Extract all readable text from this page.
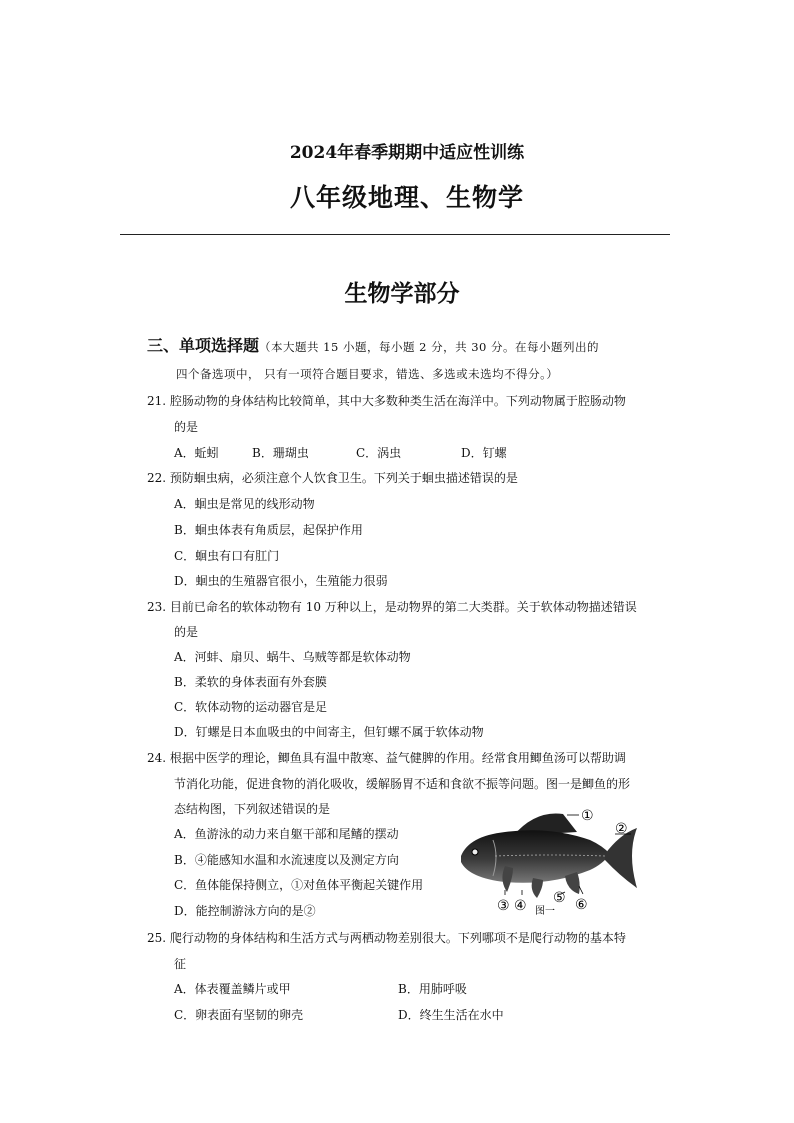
2024年春季期期中适应性训练
八年级地理、生物学
生物学部分
三、单项选择题（本大题共 15 小题，每小题 2 分，共 30 分。在每小题列出的
四个备选项中， 只有一项符合题目要求，错选、多选或未选均不得分。）
21. 腔肠动物的身体结构比较简单，其中大多数种类生活在海洋中。下列动物属于腔肠动物
的是
A．蚯蚓	B．珊瑚虫	C．涡虫	D．钉螺
22. 预防蛔虫病，必须注意个人饮食卫生。下列关于蛔虫描述错误的是
A．蛔虫是常见的线形动物
B．蛔虫体表有角质层，起保护作用
C．蛔虫有口有肛门
D．蛔虫的生殖器官很小，生殖能力很弱
23. 目前已命名的软体动物有 10 万种以上，是动物界的第二大类群。关于软体动物描述错误
的是
A．河蚌、扇贝、蜗牛、乌贼等都是软体动物
B．柔软的身体表面有外套膜
C．软体动物的运动器官是足
D．钉螺是日本血吸虫的中间寄主，但钉螺不属于软体动物
24. 根据中医学的理论，鲫鱼具有温中散寒、益气健脾的作用。经常食用鲫鱼汤可以帮助调
节消化功能，促进食物的消化吸收，缓解肠胃不适和食欲不振等问题。图一是鲫鱼的形
态结构图，下列叙述错误的是
A．鱼游泳的动力来自躯干部和尾鳍的摆动
B．④能感知水温和水流速度以及测定方向
C．鱼体能保持侧立，①对鱼体平衡起关键作用
D．能控制游泳方向的是②
①
②
③ ④ ⑤ ⑥
图一
25. 爬行动物的身体结构和生活方式与两栖动物差别很大。下列哪项不是爬行动物的基本特
征
A．体表覆盖鳞片或甲	B．用肺呼吸
C．卵表面有坚韧的卵壳	D．终生生活在水中
